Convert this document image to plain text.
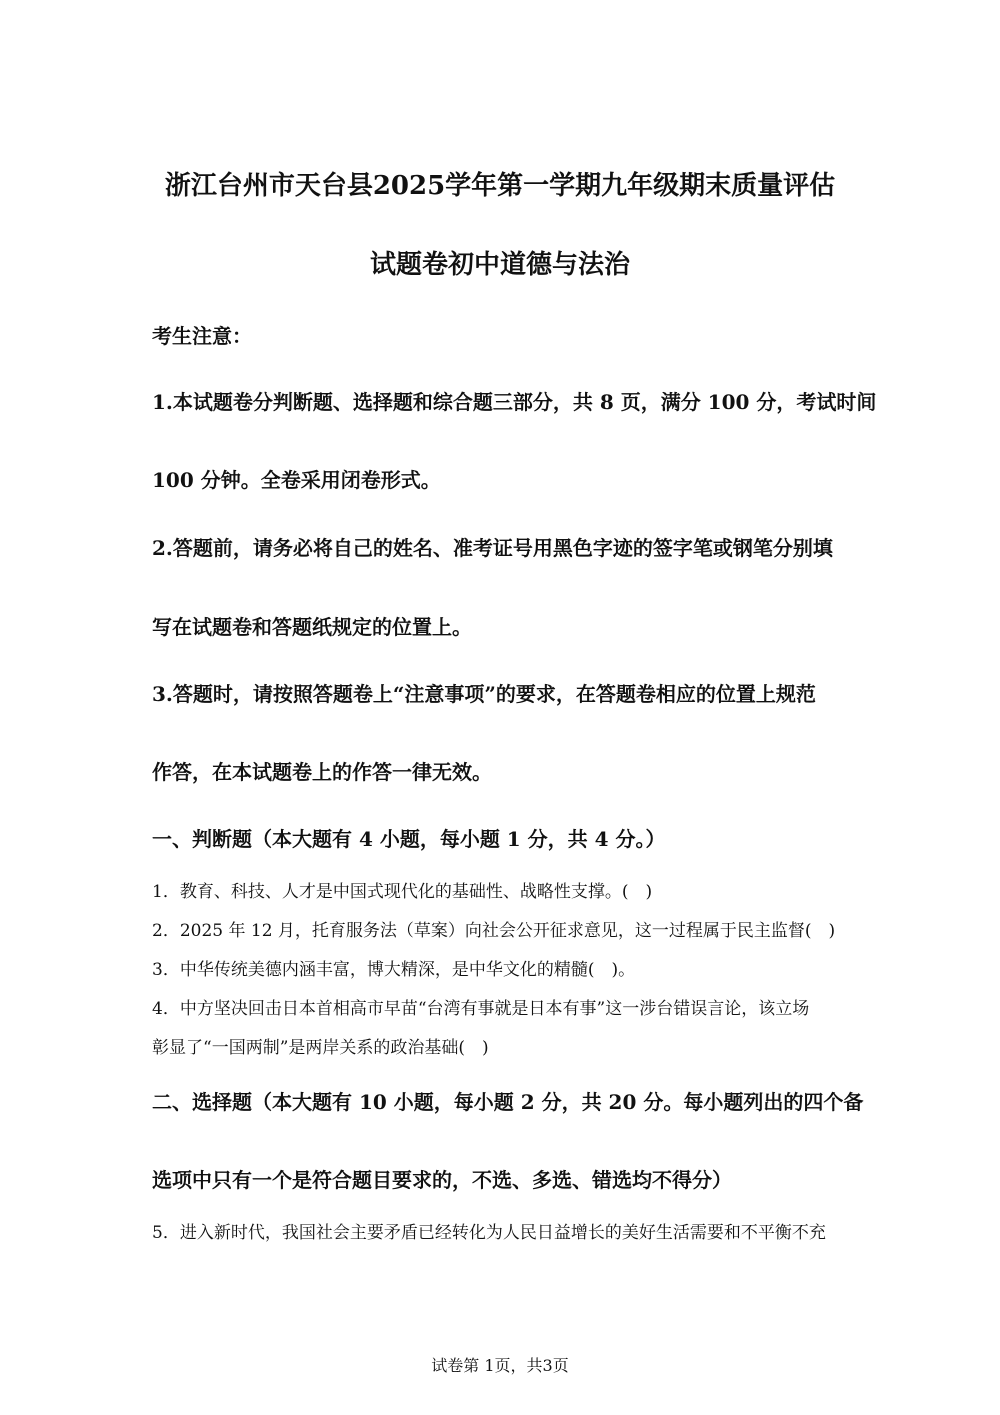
浙江台州市天台县2025学年第一学期九年级期末质量评估
试题卷初中道德与法治
考生注意：
1.本试题卷分判断题、选择题和综合题三部分，共 8 页，满分 100 分，考试时间
100 分钟。全卷采用闭卷形式。
2.答题前，请务必将自己的姓名、准考证号用黑色字迹的签字笔或钢笔分别填
写在试题卷和答题纸规定的位置上。
3.答题时，请按照答题卷上“注意事项”的要求，在答题卷相应的位置上规范
作答，在本试题卷上的作答一律无效。
一、判断题（本大题有 4 小题，每小题 1 分，共 4 分。）
1．教育、科技、人才是中国式现代化的基础性、战略性支撑。(　)
2．2025 年 12 月，托育服务法（草案）向社会公开征求意见，这一过程属于民主监督(　)
3．中华传统美德内涵丰富，博大精深，是中华文化的精髓(　)。
4．中方坚决回击日本首相高市早苗“台湾有事就是日本有事”这一涉台错误言论，该立场
彰显了“一国两制”是两岸关系的政治基础(　)
二、选择题（本大题有 10 小题，每小题 2 分，共 20 分。每小题列出的四个备
选项中只有一个是符合题目要求的，不选、多选、错选均不得分）
5．进入新时代，我国社会主要矛盾已经转化为人民日益增长的美好生活需要和不平衡不充
试卷第 1页，共3页
